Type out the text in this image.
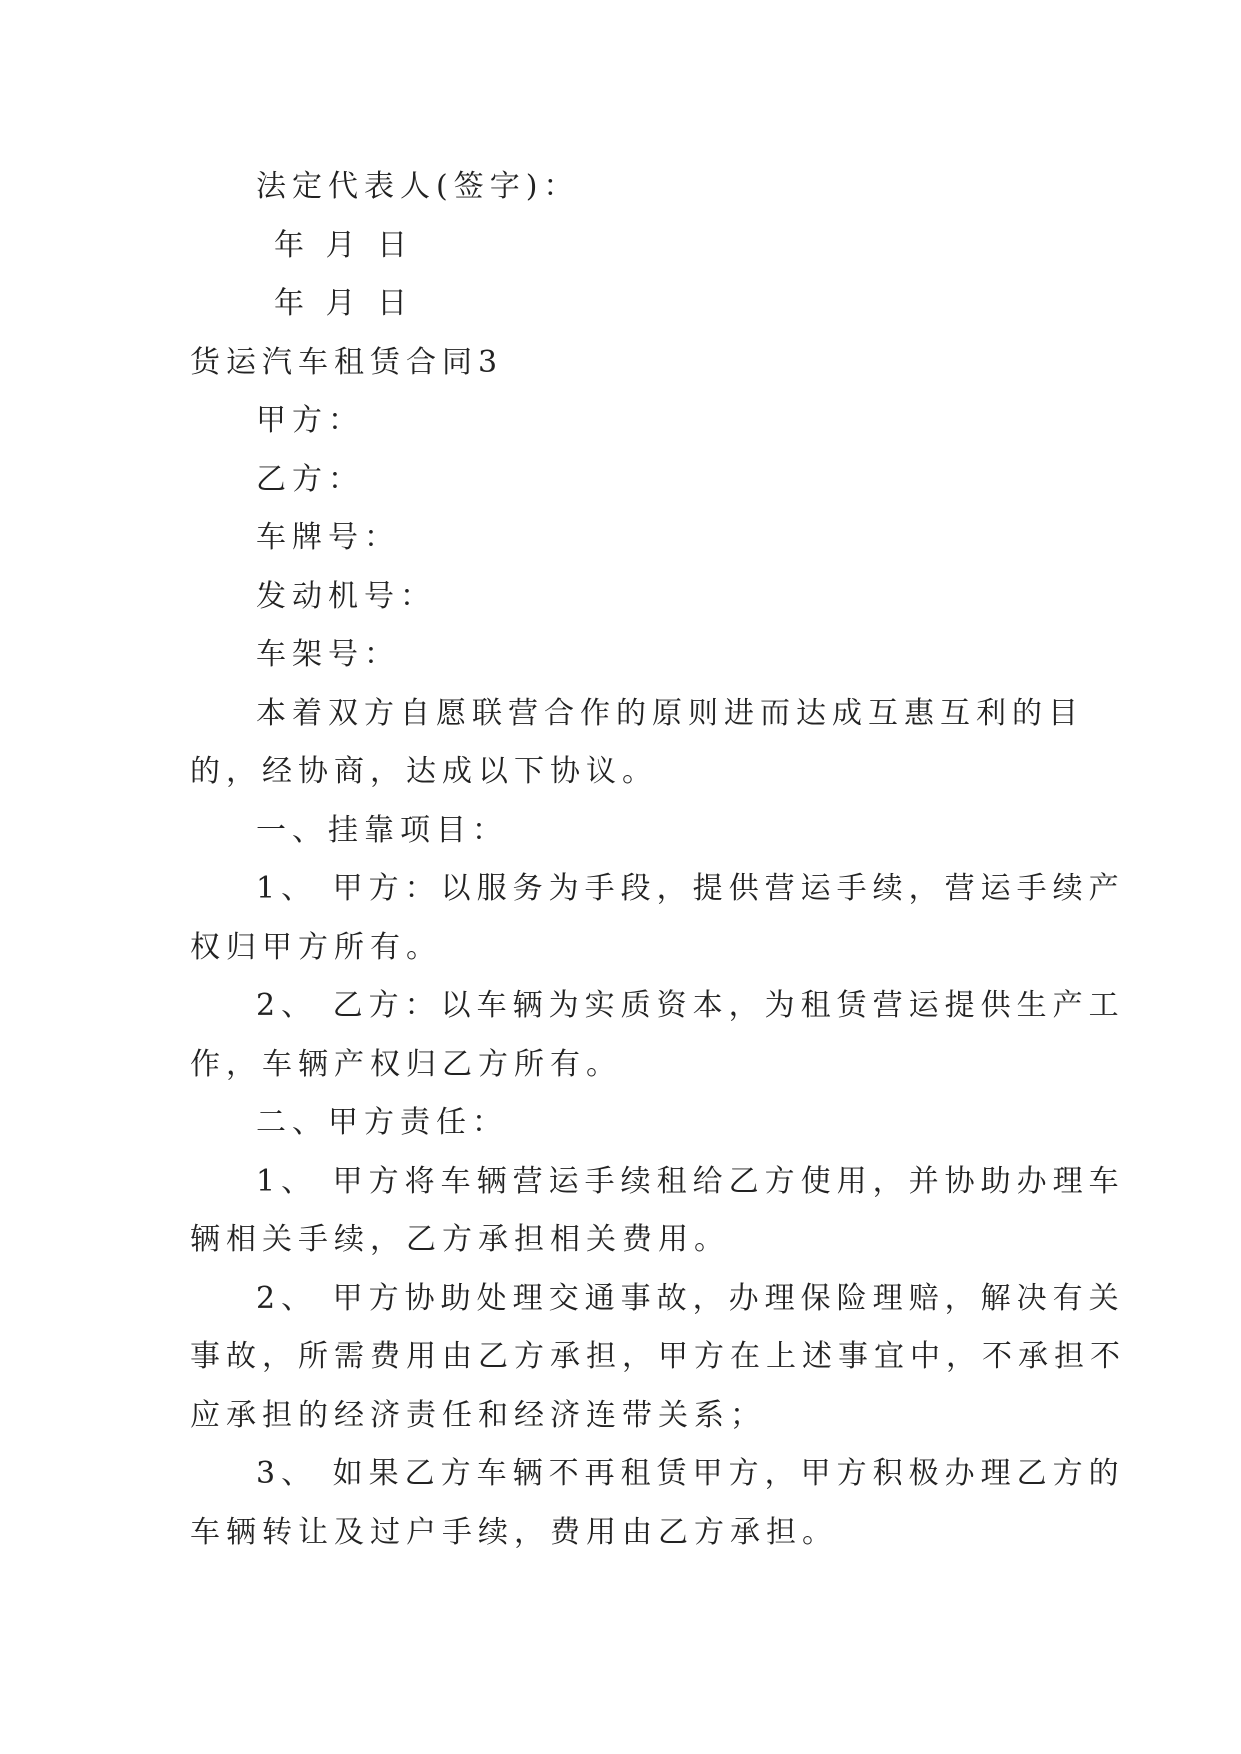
法定代表人(签字)：

年 月 日

年 月 日

货运汽车租赁合同3

甲方：

乙方：

车牌号：

发动机号：

车架号：

本着双方自愿联营合作的原则进而达成互惠互利的目

的，经协商，达成以下协议。

一、挂靠项目：

1、 甲方：以服务为手段，提供营运手续，营运手续产

权归甲方所有。

2、 乙方：以车辆为实质资本，为租赁营运提供生产工

作，车辆产权归乙方所有。

二、甲方责任：

1、 甲方将车辆营运手续租给乙方使用，并协助办理车

辆相关手续，乙方承担相关费用。

2、 甲方协助处理交通事故，办理保险理赔，解决有关

事故，所需费用由乙方承担，甲方在上述事宜中，不承担不

应承担的经济责任和经济连带关系；

3、 如果乙方车辆不再租赁甲方，甲方积极办理乙方的

车辆转让及过户手续，费用由乙方承担。
